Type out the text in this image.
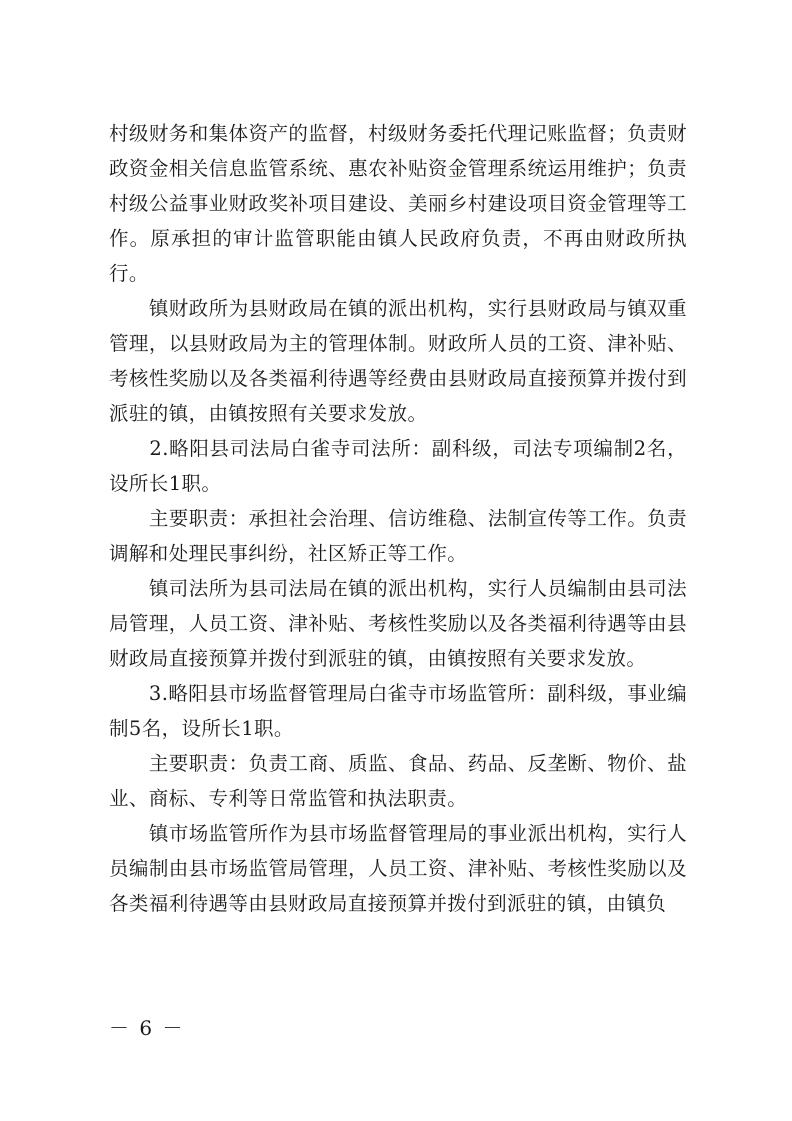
村级财务和集体资产的监督，村级财务委托代理记账监督；负责财政资金相关信息监管系统、惠农补贴资金管理系统运用维护；负责村级公益事业财政奖补项目建设、美丽乡村建设项目资金管理等工作。原承担的审计监管职能由镇人民政府负责，不再由财政所执行。

　　镇财政所为县财政局在镇的派出机构，实行县财政局与镇双重管理，以县财政局为主的管理体制。财政所人员的工资、津补贴、考核性奖励以及各类福利待遇等经费由县财政局直接预算并拨付到派驻的镇，由镇按照有关要求发放。

　　2.略阳县司法局白雀寺司法所：副科级，司法专项编制2名，设所长1职。

　　主要职责：承担社会治理、信访维稳、法制宣传等工作。负责调解和处理民事纠纷，社区矫正等工作。

　　镇司法所为县司法局在镇的派出机构，实行人员编制由县司法局管理，人员工资、津补贴、考核性奖励以及各类福利待遇等由县财政局直接预算并拨付到派驻的镇，由镇按照有关要求发放。

　　3.略阳县市场监督管理局白雀寺市场监管所：副科级，事业编制5名，设所长1职。

　　主要职责：负责工商、质监、食品、药品、反垄断、物价、盐业、商标、专利等日常监管和执法职责。

　　镇市场监管所作为县市场监督管理局的事业派出机构，实行人员编制由县市场监管局管理，人员工资、津补贴、考核性奖励以及各类福利待遇等由县财政局直接预算并拨付到派驻的镇，由镇负

－ 6 －
